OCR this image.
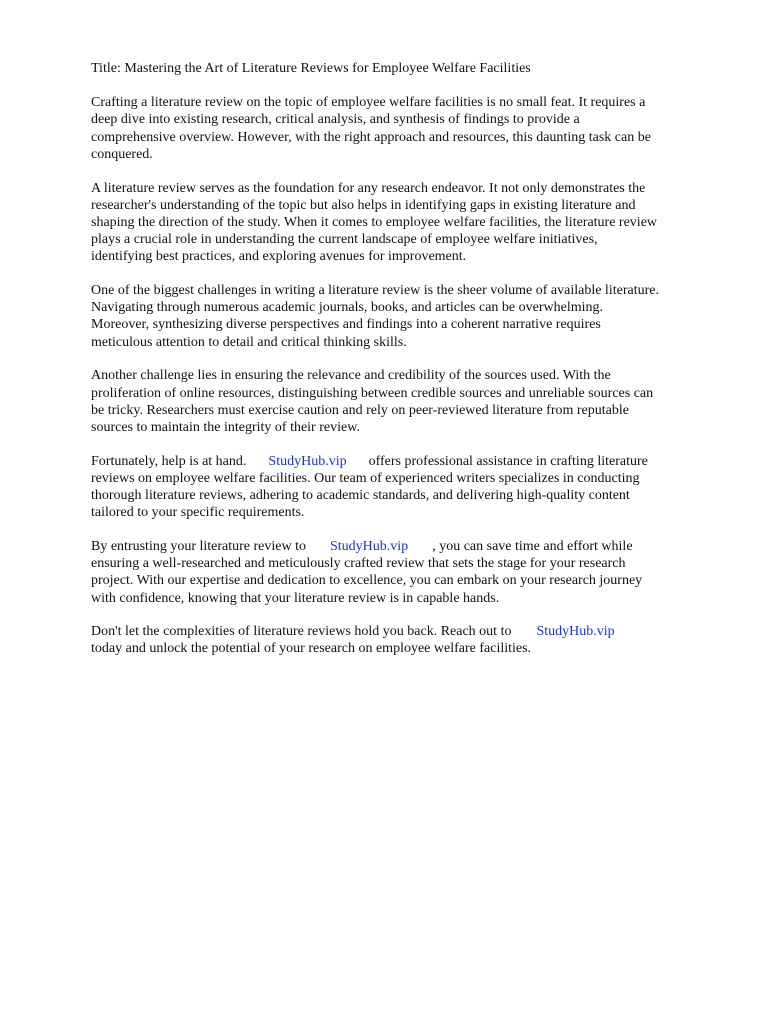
Title: Mastering the Art of Literature Reviews for Employee Welfare Facilities

Crafting a literature review on the topic of employee welfare facilities is no small feat. It requires a
deep dive into existing research, critical analysis, and synthesis of findings to provide a
comprehensive overview. However, with the right approach and resources, this daunting task can be
conquered.

A literature review serves as the foundation for any research endeavor. It not only demonstrates the
researcher's understanding of the topic but also helps in identifying gaps in existing literature and
shaping the direction of the study. When it comes to employee welfare facilities, the literature review
plays a crucial role in understanding the current landscape of employee welfare initiatives,
identifying best practices, and exploring avenues for improvement.

One of the biggest challenges in writing a literature review is the sheer volume of available literature.
Navigating through numerous academic journals, books, and articles can be overwhelming.
Moreover, synthesizing diverse perspectives and findings into a coherent narrative requires
meticulous attention to detail and critical thinking skills.

Another challenge lies in ensuring the relevance and credibility of the sources used. With the
proliferation of online resources, distinguishing between credible sources and unreliable sources can
be tricky. Researchers must exercise caution and rely on peer-reviewed literature from reputable
sources to maintain the integrity of their review.

Fortunately, help is at hand. StudyHub.vip offers professional assistance in crafting literature
reviews on employee welfare facilities. Our team of experienced writers specializes in conducting
thorough literature reviews, adhering to academic standards, and delivering high-quality content
tailored to your specific requirements.

By entrusting your literature review to StudyHub.vip , you can save time and effort while
ensuring a well-researched and meticulously crafted review that sets the stage for your research
project. With our expertise and dedication to excellence, you can embark on your research journey
with confidence, knowing that your literature review is in capable hands.

Don't let the complexities of literature reviews hold you back. Reach out to StudyHub.vip
today and unlock the potential of your research on employee welfare facilities.
